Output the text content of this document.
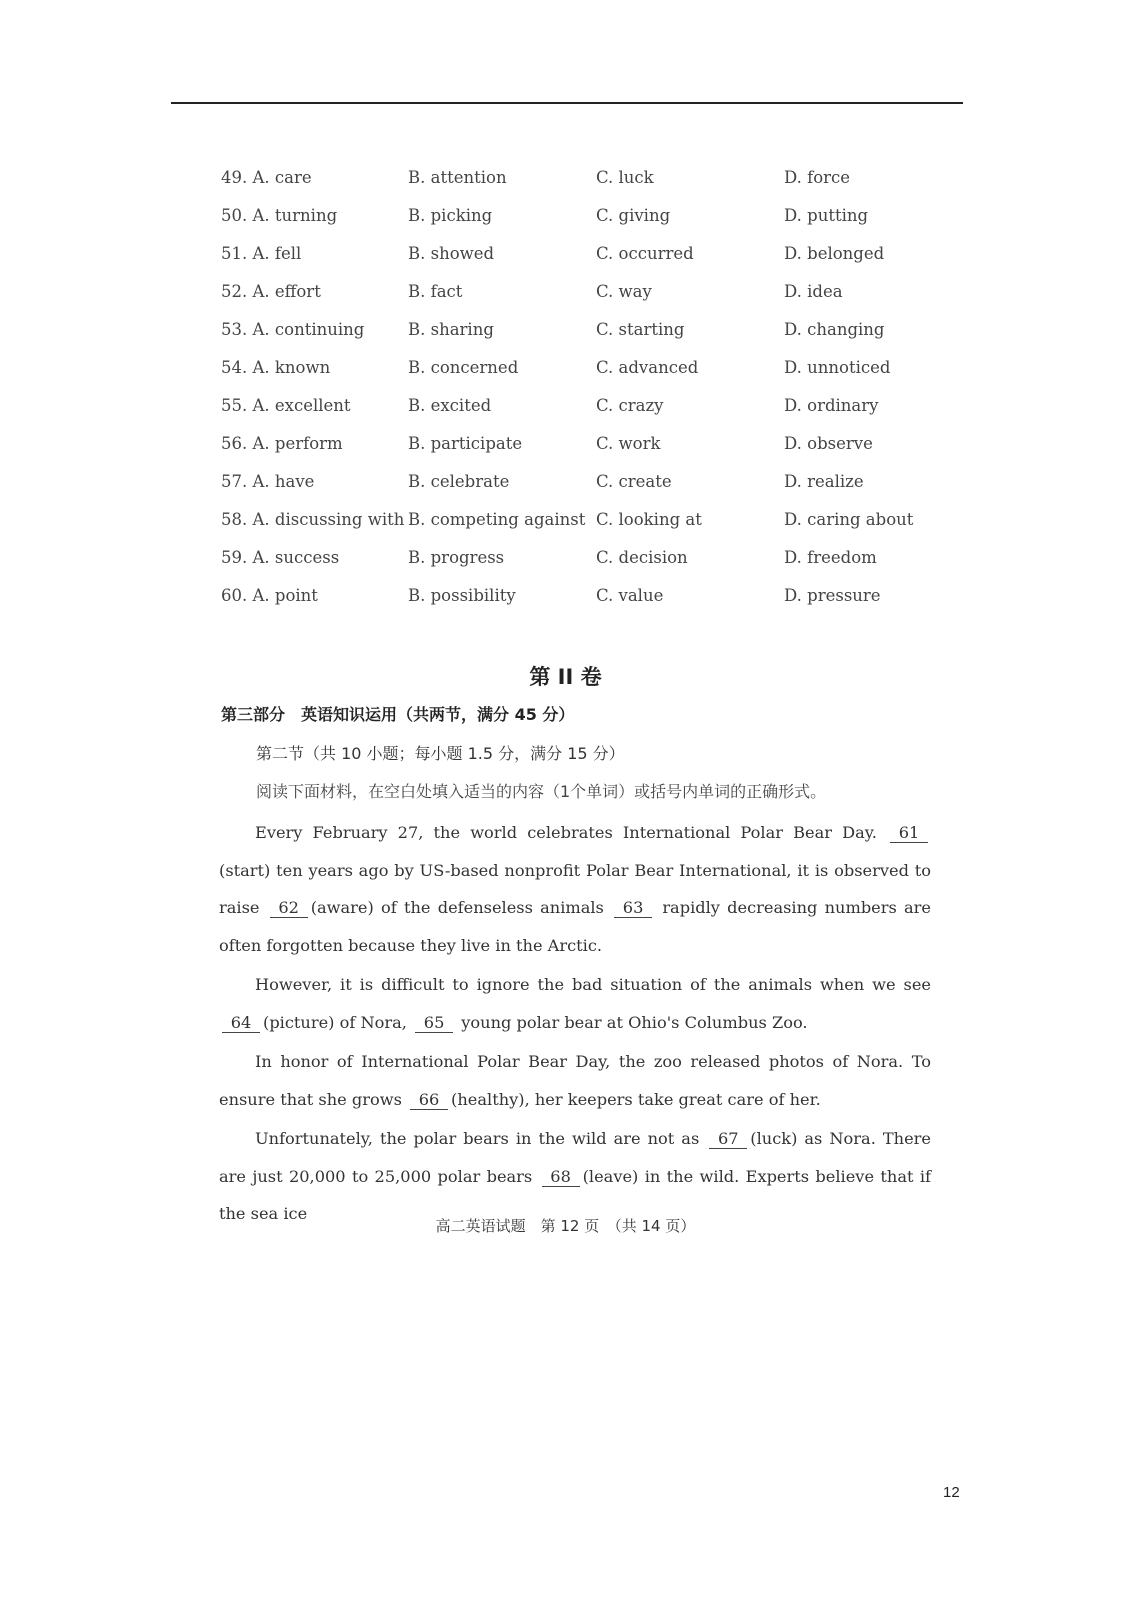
49. A. care	B. attention	C. luck	D. force
50. A. turning	B. picking	C. giving	D. putting
51. A. fell	B. showed	C. occurred	D. belonged
52. A. effort	B. fact	C. way	D. idea
53. A. continuing	B. sharing	C. starting	D. changing
54. A. known	B. concerned	C. advanced	D. unnoticed
55. A. excellent	B. excited	C. crazy	D. ordinary
56. A. perform	B. participate	C. work	D. observe
57. A. have	B. celebrate	C. create	D. realize
58. A. discussing with B. competing against C. looking at	D. caring about
59. A. success	B. progress	C. decision	D. freedom
60. A. point	B. possibility	C. value	D. pressure
第 II 卷
第三部分　英语知识运用（共两节，满分 45 分）
第二节（共 10 小题；每小题 1.5 分，满分 15 分）
阅读下面材料，在空白处填入适当的内容（1个单词）或括号内单词的正确形式。

Every February 27, the world celebrates International Polar Bear Day. 61(start) ten years ago by US-based nonprofit Polar Bear International, it is observed to raise 62 (aware) of the defenseless animals 63 rapidly decreasing numbers are often forgotten because they live in the Arctic.

However, it is difficult to ignore the bad situation of the animals when we see 64 (picture) of Nora, 65 young polar bear at Ohio's Columbus Zoo.

In honor of International Polar Bear Day, the zoo released photos of Nora. To ensure that she grows 66 (healthy), her keepers take great care of her.

Unfortunately, the polar bears in the wild are not as 67 (luck) as Nora. There are just 20,000 to 25,000 polar bears 68 (leave) in the wild. Experts believe that if the sea ice

高二英语试题　第 12 页　（共 14 页）
12
